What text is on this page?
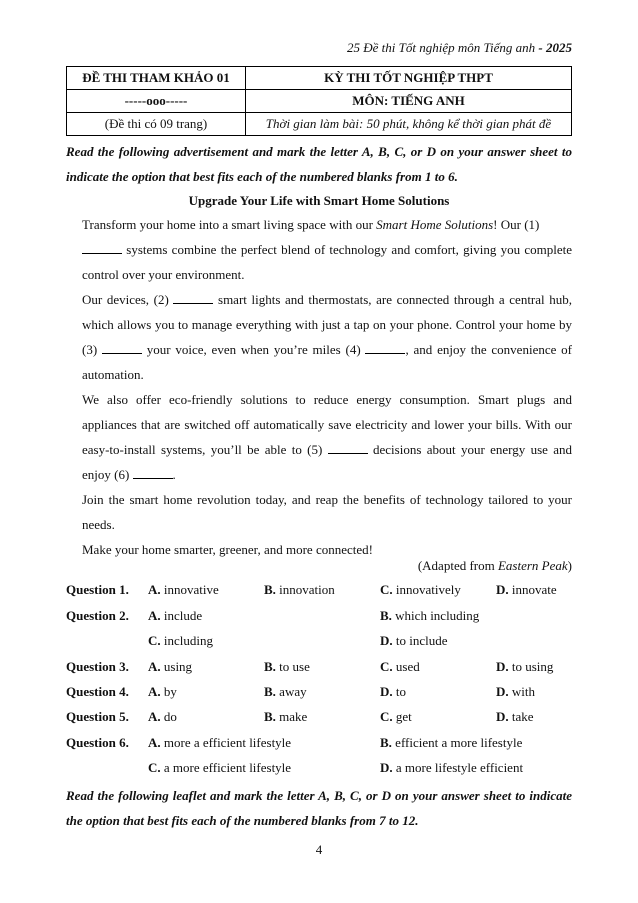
25 Đề thi Tốt nghiệp môn Tiếng anh - 2025
ĐỀ THI THAM KHẢO 01	KỲ THI TỐT NGHIỆP THPT
-----ooo-----	MÔN: TIẾNG ANH
(Đề thi có 09 trang)	Thời gian làm bài: 50 phút, không kể thời gian phát đề
Read the following advertisement and mark the letter A, B, C, or D on your answer sheet to indicate the option that best fits each of the numbered blanks from 1 to 6.
Upgrade Your Life with Smart Home Solutions
Transform your home into a smart living space with our Smart Home Solutions! Our (1)
systems combine the perfect blend of technology and comfort, giving you complete control over your environment.
Our devices, (2)	smart lights and thermostats, are connected through a central hub, which allows you to manage everything with just a tap on your phone. Control your home by (3)	your voice, even when you’re miles (4)	, and enjoy the convenience of automation.
We also offer eco-friendly solutions to reduce energy consumption. Smart plugs and appliances that are switched off automatically save electricity and lower your bills. With our easy-to-install systems, you’ll be able to (5)	decisions about your energy use and enjoy (6)	.
Join the smart home revolution today, and reap the benefits of technology tailored to your needs.
Make your home smarter, greener, and more connected!
(Adapted from Eastern Peak)
Question 1. A. innovative	B. innovation	C. innovatively	D. innovate
Question 2. A. include	B. which including
C. including	D. to include
Question 3. A. using	B. to use	C. used	D. to using
Question 4. A. by	B. away	D. to	D. with
Question 5. A. do	B. make	C. get	D. take
Question 6. A. more a efficient lifestyle	B. efficient a more lifestyle
C. a more efficient lifestyle	D. a more lifestyle efficient
Read the following leaflet and mark the letter A, B, C, or D on your answer sheet to indicate the option that best fits each of the numbered blanks from 7 to 12.
4
